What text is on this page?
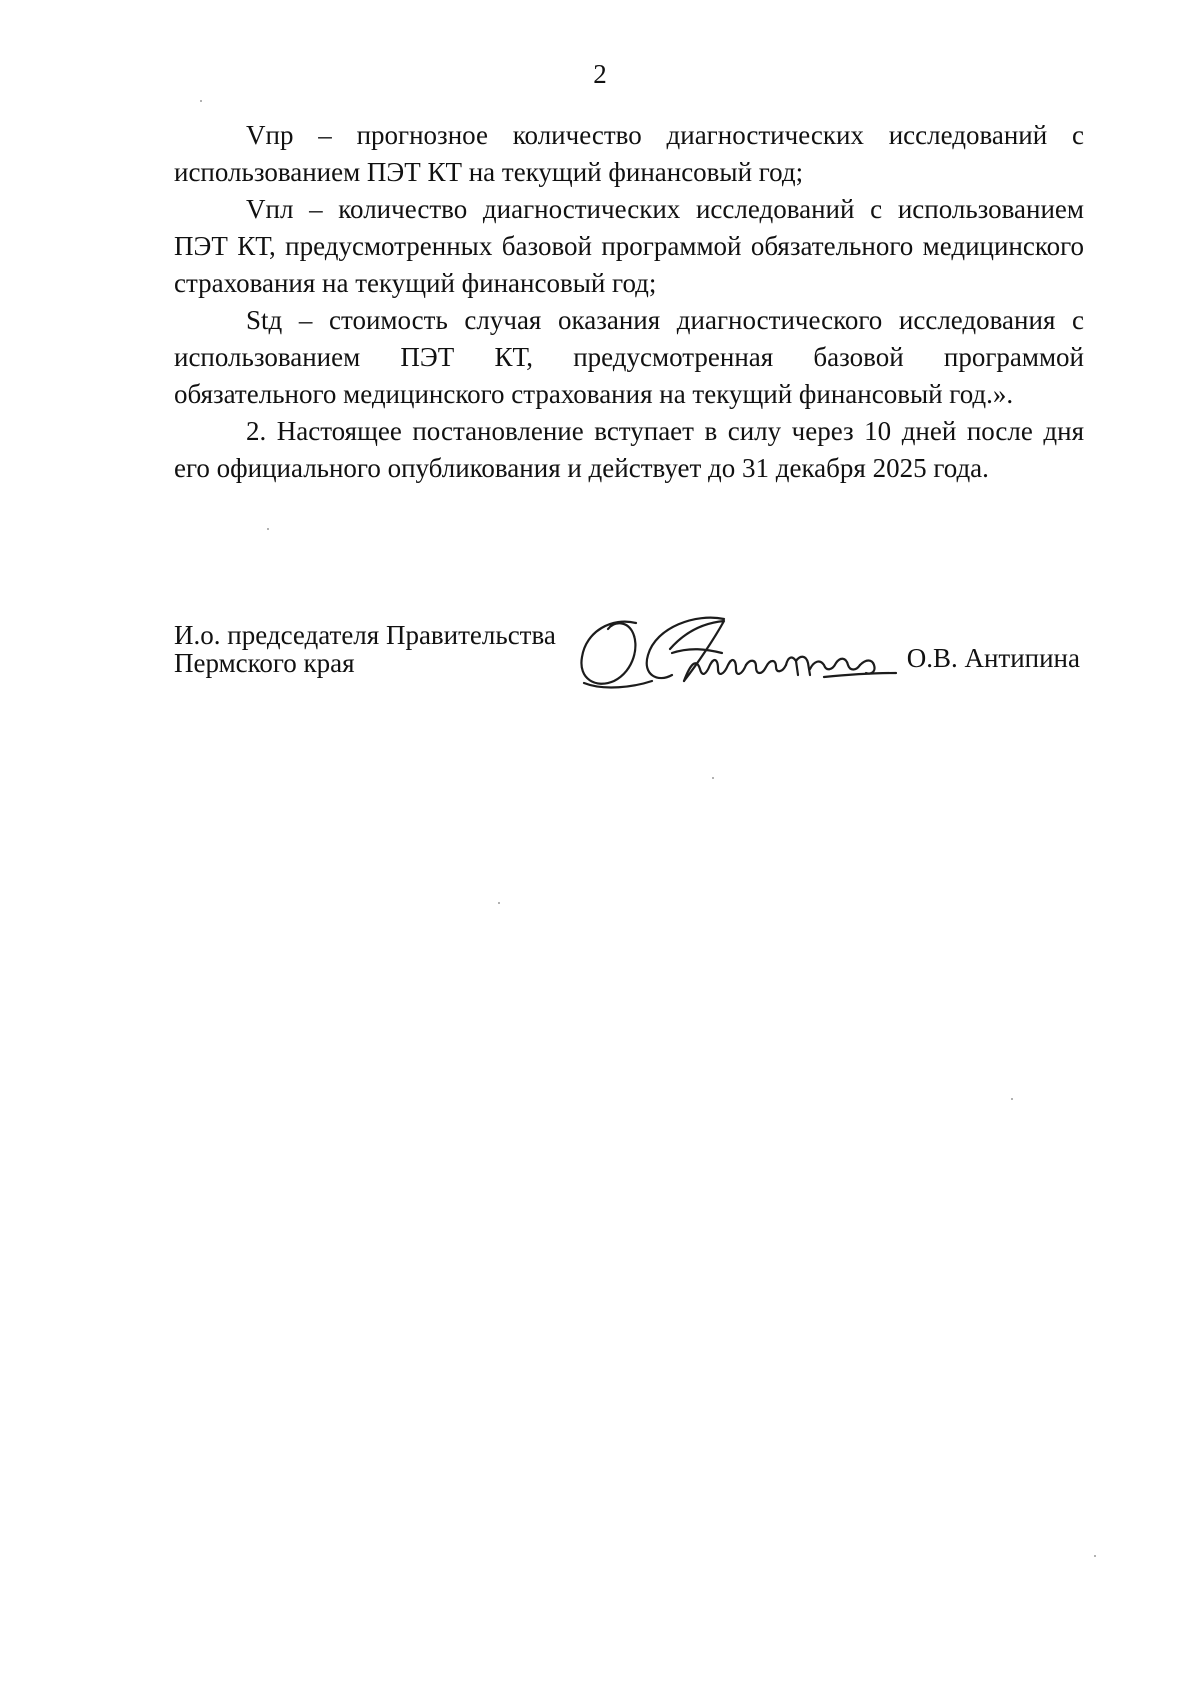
2

Vпр – прогнозное количество диагностических исследований с использованием ПЭТ КТ на текущий финансовый год;

Vпл – количество диагностических исследований с использованием ПЭТ КТ, предусмотренных базовой программой обязательного медицинского страхования на текущий финансовый год;

Stд – стоимость случая оказания диагностического исследования с использованием ПЭТ КТ, предусмотренная базовой программой обязательного медицинского страхования на текущий финансовый год.».

2. Настоящее постановление вступает в силу через 10 дней после дня его официального опубликования и действует до 31 декабря 2025 года.

И.о. председателя Правительства
Пермского края	О.В. Антипина
